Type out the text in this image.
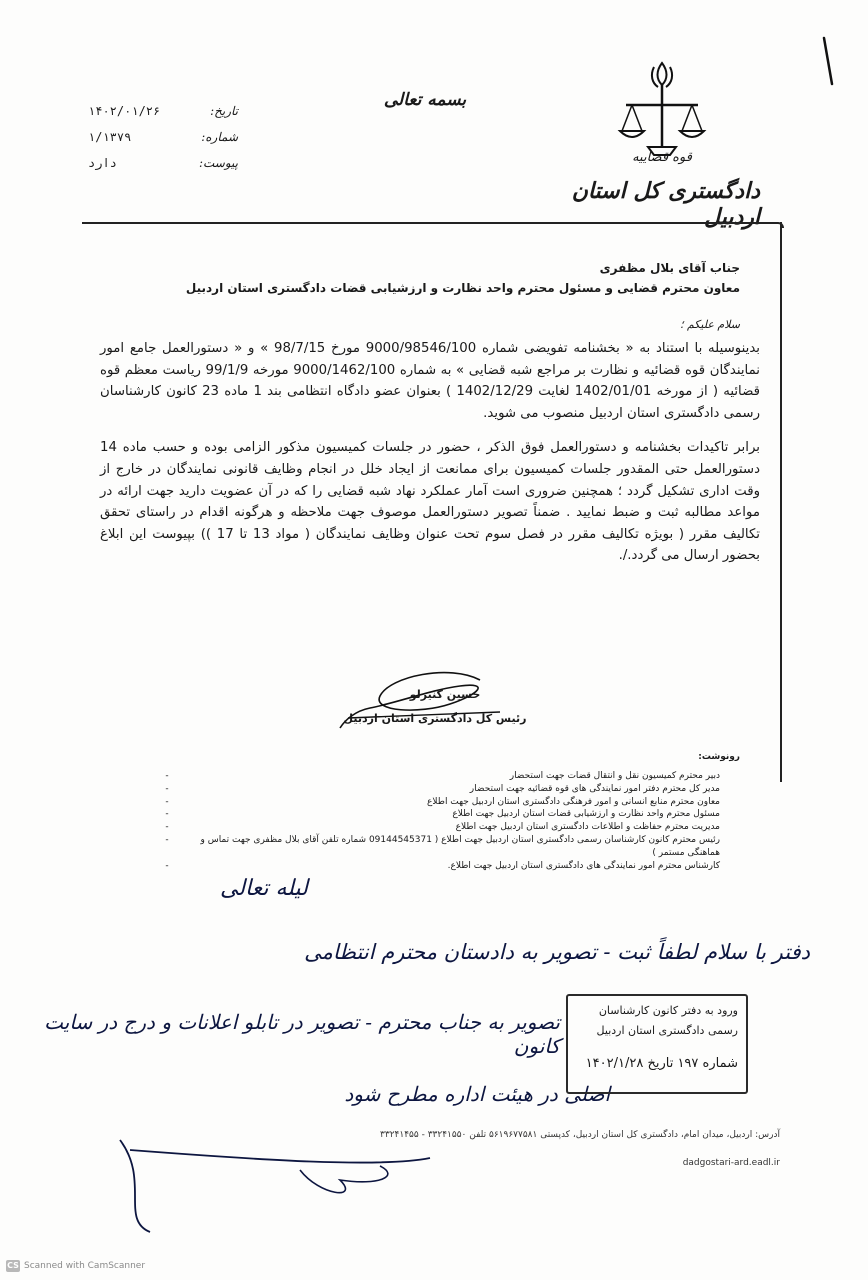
قوه قضاییه
دادگستری کل استان اردبیل
بسمه تعالی
۱۴۰۲/۰۱/۲۶	تاریخ:
۱/۱۳۷۹	شماره:
دارد	پیوست:
جناب آقای بلال مظفری
معاون محترم قضایی و مسئول محترم واحد نظارت و ارزشیابی قضات دادگستری استان اردبیل
سلام علیکم ؛

بدینوسیله با استناد به « بخشنامه تفویضی شماره 9000/98546/100 مورخ 98/7/15 » و « دستورالعمل جامع امور نمایندگان قوه قضائیه و نظارت بر مراجع شبه قضایی » به شماره 9000/1462/100 مورخه 99/1/9 ریاست معظم قوه قضائیه ( از مورخه 1402/01/01 لغایت 1402/12/29 ) بعنوان عضو دادگاه انتظامی بند 1 ماده 23 کانون کارشناسان رسمی دادگستری استان اردبیل منصوب می شوید.

برابر تاکیدات بخشنامه و دستورالعمل فوق الذکر ، حضور در جلسات کمیسیون مذکور الزامی بوده و حسب ماده 14 دستورالعمل حتی المقدور جلسات کمیسیون برای ممانعت از ایجاد خلل در انجام وظایف قانونی نمایندگان در خارج از وقت اداری تشکیل گردد ؛ همچنین ضروری است آمار عملکرد نهاد شبه قضایی را که در آن عضویت دارید جهت ارائه در مواعد مطالبه ثبت و ضبط نمایید . ضمناً تصویر دستورالعمل موصوف جهت ملاحظه و هرگونه اقدام در راستای تحقق تکالیف مقرر ( بویژه تکالیف مقرر در فصل سوم تحت عنوان وظایف نمایندگان ( مواد 13 تا 17 )) بپیوست این ابلاغ بحضور ارسال می گردد./.

حسین کنیرلو
رئیس کل دادگستری استان اردبیل
رونوشت:
دبیر محترم کمیسیون نقل و انتقال قضات جهت استحضار
-
مدیر کل محترم دفتر امور نمایندگی های قوه قضائیه جهت استحضار
-
معاون محترم منابع انسانی و امور فرهنگی دادگستری استان اردبیل جهت اطلاع
-
مسئول محترم واحد نظارت و ارزشیابی قضات استان اردبیل جهت اطلاع
-
مدیریت محترم حفاظت و اطلاعات دادگستری استان اردبیل جهت اطلاع
-
رئیس محترم کانون کارشناسان رسمی دادگستری استان اردبیل جهت اطلاع ( 09144545371 شماره تلفن آقای بلال مظفری جهت تماس و هماهنگی مستمر )
-
کارشناس محترم امور نمایندگی های دادگستری استان اردبیل جهت اطلاع.
-
لیله تعالی
دفتر با سلام لطفاً ثبت - تصویر به دادستان محترم انتظامی
تصویر به جناب محترم - تصویر در تابلو اعلانات و درج در سایت کانون
اصلی در هیئت اداره مطرح شود
ورود به دفتر کانون کارشناسان
رسمی دادگستری استان اردبیل
شماره ۱۹۷ تاریخ ۱۴۰۲/۱/۲۸
آدرس: اردبیل، میدان امام، دادگستری کل استان اردبیل، کدپستی ۵۶۱۹۶۷۷۵۸۱ تلفن ۳۳۲۴۱۵۵۰ - ۳۳۲۴۱۴۵۵
dadgostari-ard.eadl.ir
CS Scanned with CamScanner
